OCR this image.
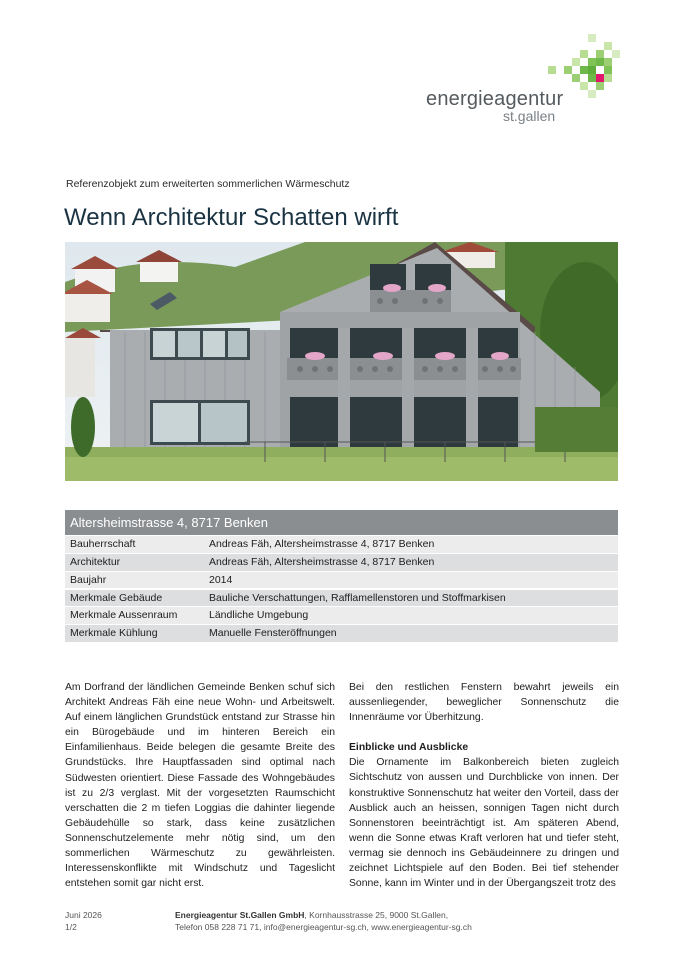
energieagentur
st.gallen
Referenzobjekt zum erweiterten sommerlichen Wärmeschutz
Wenn Architektur Schatten wirft
Altersheimstrasse 4, 8717 Benken
Bauherrschaft	Andreas Fäh, Altersheimstrasse 4, 8717 Benken
Architektur	Andreas Fäh, Altersheimstrasse 4, 8717 Benken
Baujahr	2014
Merkmale Gebäude	Bauliche Verschattungen, Rafflamellenstoren und Stoffmarkisen
Merkmale Aussenraum	Ländliche Umgebung
Merkmale Kühlung	Manuelle Fensteröffnungen

Am Dorfrand der ländlichen Gemeinde Benken schuf sich Architekt Andreas Fäh eine neue Wohn- und Arbeitswelt. Auf einem länglichen Grundstück entstand zur Strasse hin ein Bürogebäude und im hinteren Bereich ein Einfamilienhaus. Beide belegen die gesamte Breite des Grundstücks. Ihre Hauptfassaden sind optimal nach Südwesten orientiert. Diese Fassade des Wohngebäudes ist zu 2/3 verglast. Mit der vorgesetzten Raumschicht verschatten die 2 m tiefen Loggias die dahinter liegende Gebäudehülle so stark, dass keine zusätzlichen Sonnenschutzelemente mehr nötig sind, um den sommerlichen Wärmeschutz zu gewährleisten. Interessenskonflikte mit Windschutz und Tageslicht entstehen somit gar nicht erst.

Bei den restlichen Fenstern bewahrt jeweils ein aussenliegender, beweglicher Sonnenschutz die Innenräume vor Überhitzung.

Einblicke und Ausblicke

Die Ornamente im Balkonbereich bieten zugleich Sichtschutz von aussen und Durchblicke von innen. Der konstruktive Sonnenschutz hat weiter den Vorteil, dass der Ausblick auch an heissen, sonnigen Tagen nicht durch Sonnenstoren beeinträchtigt ist. Am späteren Abend, wenn die Sonne etwas Kraft verloren hat und tiefer steht, vermag sie dennoch ins Gebäudeinnere zu dringen und zeichnet Lichtspiele auf den Boden. Bei tief stehender Sonne, kann im Winter und in der Übergangszeit trotz des

Juni 2026
1/2
Energieagentur St.Gallen GmbH, Kornhausstrasse 25, 9000 St.Gallen,
Telefon 058 228 71 71, info@energieagentur-sg.ch, www.energieagentur-sg.ch
